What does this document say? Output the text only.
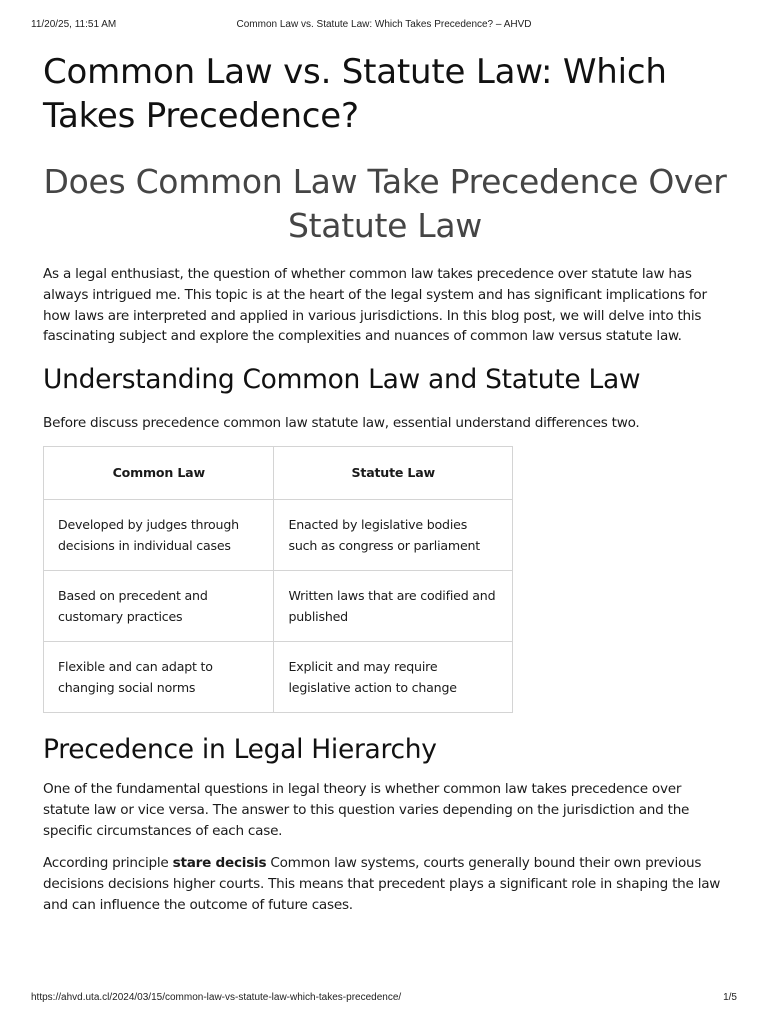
11/20/25, 11:51 AM	Common Law vs. Statute Law: Which Takes Precedence? – AHVD
Common Law vs. Statute Law: Which Takes Precedence?
Does Common Law Take Precedence Over Statute Law

As a legal enthusiast, the question of whether common law takes precedence over statute law has always intrigued me. This topic is at the heart of the legal system and has significant implications for how laws are interpreted and applied in various jurisdictions. In this blog post, we will delve into this fascinating subject and explore the complexities and nuances of common law versus statute law.

Understanding Common Law and Statute Law

Before discuss precedence common law statute law, essential understand differences two.

Common Law	Statute Law
Developed by judges through decisions in individual cases	Enacted by legislative bodies such as congress or parliament
Based on precedent and customary practices	Written laws that are codified and published
Flexible and can adapt to changing social norms	Explicit and may require legislative action to change
Precedence in Legal Hierarchy

One of the fundamental questions in legal theory is whether common law takes precedence over statute law or vice versa. The answer to this question varies depending on the jurisdiction and the specific circumstances of each case.

According principle stare decisis Common law systems, courts generally bound their own previous decisions decisions higher courts. This means that precedent plays a significant role in shaping the law and can influence the outcome of future cases.

https://ahvd.uta.cl/2024/03/15/common-law-vs-statute-law-which-takes-precedence/	1/5
